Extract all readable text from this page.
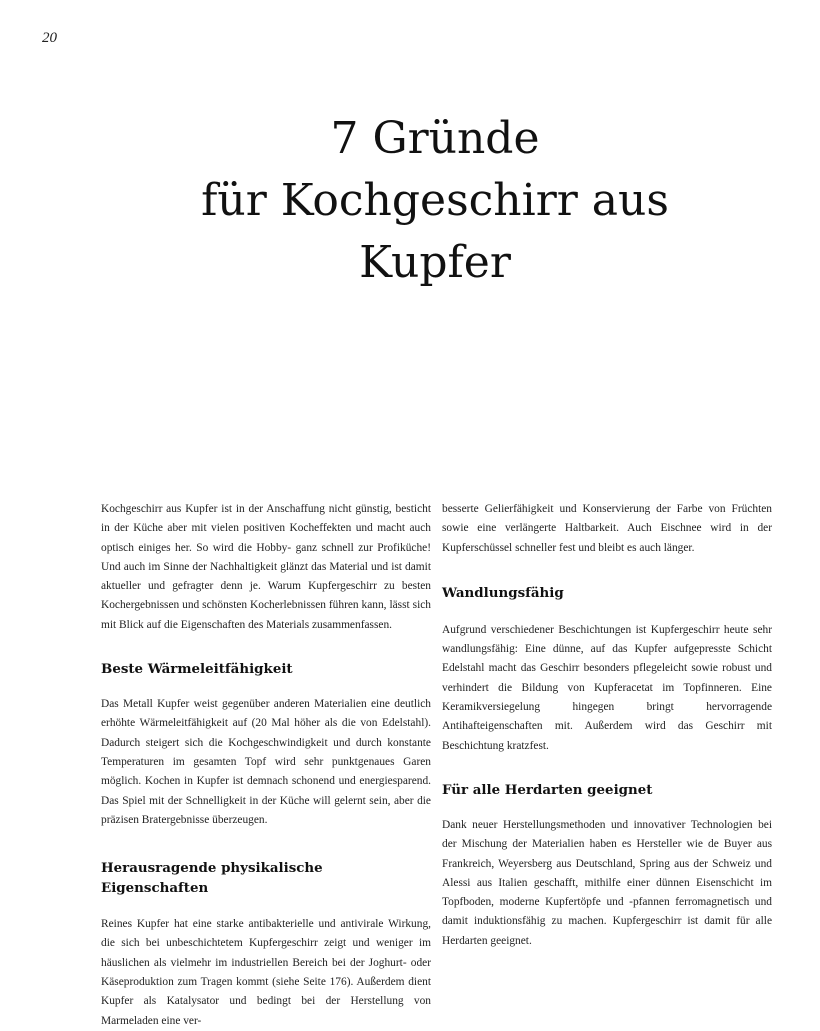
20
7 Gründe
für Kochgeschirr aus
Kupfer

Kochgeschirr aus Kupfer ist in der Anschaffung nicht günstig, besticht in der Küche aber mit vielen positiven Kocheffekten und macht auch optisch einiges her. So wird die Hobby- ganz schnell zur Profiküche! Und auch im Sinne der Nachhaltigkeit glänzt das Material und ist damit aktueller und gefragter denn je. Warum Kupfergeschirr zu besten Kochergebnissen und schönsten Kocherlebnissen führen kann, lässt sich mit Blick auf die Eigenschaften des Materials zusammenfassen.

Beste Wärmeleitfähigkeit

Das Metall Kupfer weist gegenüber anderen Materialien eine deutlich erhöhte Wärmeleitfähigkeit auf (20 Mal höher als die von Edelstahl). Dadurch steigert sich die Kochgeschwindigkeit und durch konstante Temperaturen im gesamten Topf wird sehr punktgenaues Garen möglich. Kochen in Kupfer ist demnach schonend und energiesparend. Das Spiel mit der Schnelligkeit in der Küche will gelernt sein, aber die präzisen Bratergebnisse überzeugen.

Herausragende physikalische Eigenschaften

Reines Kupfer hat eine starke antibakterielle und antivirale Wirkung, die sich bei unbeschichtetem Kupfergeschirr zeigt und weniger im häuslichen als vielmehr im industriellen Bereich bei der Joghurt- oder Käseproduktion zum Tragen kommt (siehe Seite 176). Außerdem dient Kupfer als Katalysator und bedingt bei der Herstellung von Marmeladen eine ver-

besserte Gelierfähigkeit und Konservierung der Farbe von Früchten sowie eine verlängerte Haltbarkeit. Auch Eischnee wird in der Kupferschüssel schneller fest und bleibt es auch länger.

Wandlungsfähig

Aufgrund verschiedener Beschichtungen ist Kupfergeschirr heute sehr wandlungsfähig: Eine dünne, auf das Kupfer aufgepresste Schicht Edelstahl macht das Geschirr besonders pflegeleicht sowie robust und verhindert die Bildung von Kupferacetat im Topfinneren. Eine Keramikversiegelung hingegen bringt hervorragende Antihafteigenschaften mit. Außerdem wird das Geschirr mit Beschichtung kratzfest.

Für alle Herdarten geeignet

Dank neuer Herstellungsmethoden und innovativer Technologien bei der Mischung der Materialien haben es Hersteller wie de Buyer aus Frankreich, Weyersberg aus Deutschland, Spring aus der Schweiz und Alessi aus Italien geschafft, mithilfe einer dünnen Eisenschicht im Topfboden, moderne Kupfertöpfe und -pfannen ferromagnetisch und damit induktionsfähig zu machen. Kupfergeschirr ist damit für alle Herdarten geeignet.
